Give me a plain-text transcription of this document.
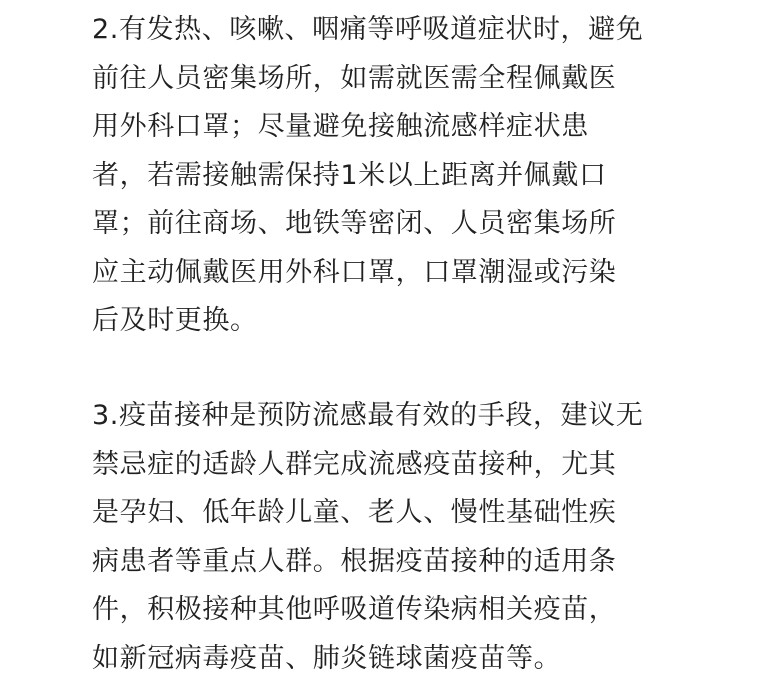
2.有发热、咳嗽、咽痛等呼吸道症状时，避免
前往人员密集场所，如需就医需全程佩戴医
用外科口罩；尽量避免接触流感样症状患
者，若需接触需保持1米以上距离并佩戴口
罩；前往商场、地铁等密闭、人员密集场所
应主动佩戴医用外科口罩，口罩潮湿或污染
后及时更换。

3.疫苗接种是预防流感最有效的手段，建议无
禁忌症的适龄人群完成流感疫苗接种，尤其
是孕妇、低年龄儿童、老人、慢性基础性疾
病患者等重点人群。根据疫苗接种的适用条
件，积极接种其他呼吸道传染病相关疫苗，
如新冠病毒疫苗、肺炎链球菌疫苗等。
